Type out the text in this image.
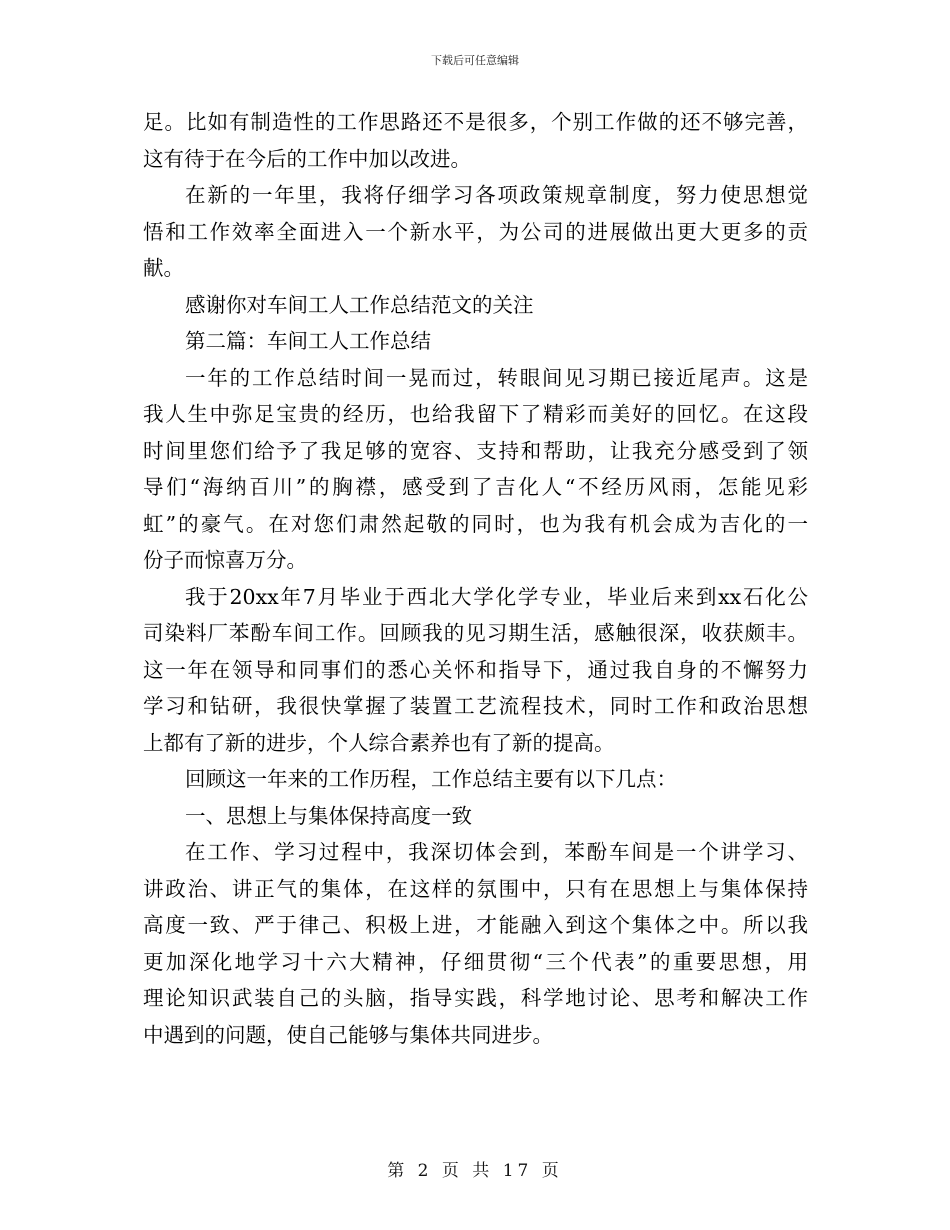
下载后可任意编辑
足。比如有制造性的工作思路还不是很多，个别工作做的还不够完善，
这有待于在今后的工作中加以改进。
在新的一年里，我将仔细学习各项政策规章制度，努力使思想觉
悟和工作效率全面进入一个新水平，为公司的进展做出更大更多的贡
献。
感谢你对车间工人工作总结范文的关注
第二篇：车间工人工作总结
一年的工作总结时间一晃而过，转眼间见习期已接近尾声。这是
我人生中弥足宝贵的经历，也给我留下了精彩而美好的回忆。在这段
时间里您们给予了我足够的宽容、支持和帮助，让我充分感受到了领
导们“海纳百川”的胸襟，感受到了吉化人“不经历风雨，怎能见彩
虹”的豪气。在对您们肃然起敬的同时，也为我有机会成为吉化的一
份子而惊喜万分。
我于20xx年7月毕业于西北大学化学专业，毕业后来到xx石化公
司染料厂苯酚车间工作。回顾我的见习期生活，感触很深，收获颇丰。
这一年在领导和同事们的悉心关怀和指导下，通过我自身的不懈努力
学习和钻研，我很快掌握了装置工艺流程技术，同时工作和政治思想
上都有了新的进步，个人综合素养也有了新的提高。
回顾这一年来的工作历程，工作总结主要有以下几点：
一、思想上与集体保持高度一致
在工作、学习过程中，我深切体会到，苯酚车间是一个讲学习、
讲政治、讲正气的集体，在这样的氛围中，只有在思想上与集体保持
高度一致、严于律己、积极上进，才能融入到这个集体之中。所以我
更加深化地学习十六大精神，仔细贯彻“三个代表”的重要思想，用
理论知识武装自己的头脑，指导实践，科学地讨论、思考和解决工作
中遇到的问题，使自己能够与集体共同进步。
第 2 页 共 17 页
